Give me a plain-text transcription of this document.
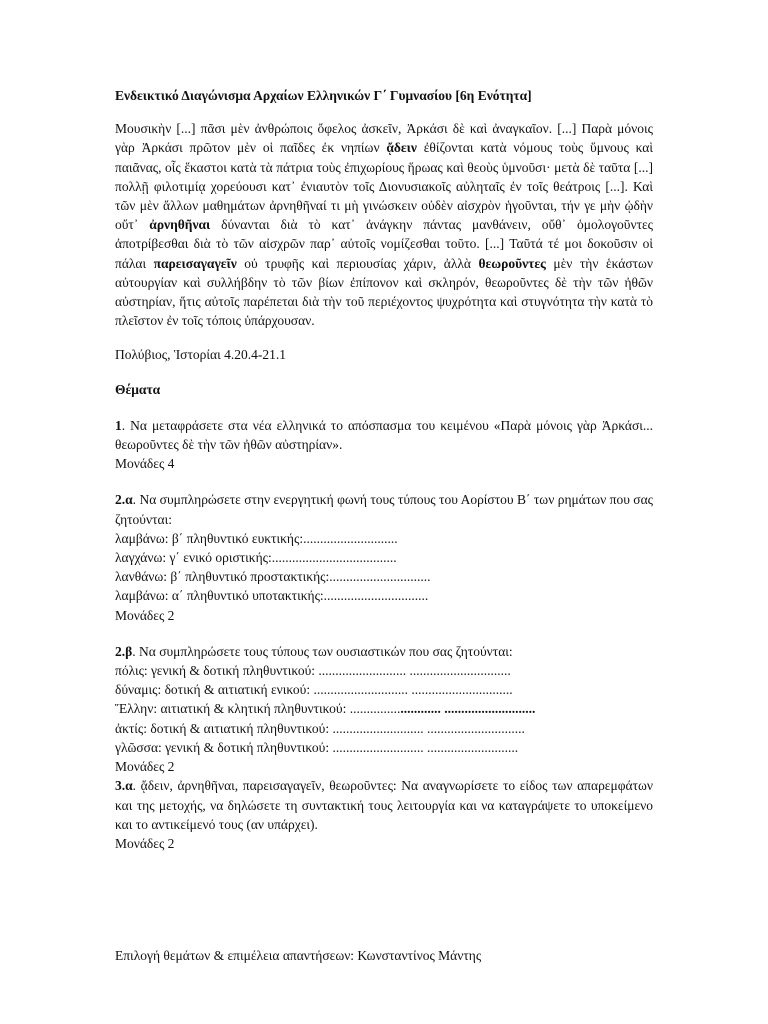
Ενδεικτικό Διαγώνισμα Αρχαίων Ελληνικών Γ΄ Γυμνασίου [6η Ενότητα]

Μουσικὴν [...] πᾶσι μὲν ἀνθρώποις ὄφελος ἀσκεῖν, Ἀρκάσι δὲ καὶ ἀναγκαῖον. [...] Παρὰ μόνοις γὰρ Ἀρκάσι πρῶτον μὲν οἱ παῖδες ἐκ νηπίων ᾄδειν ἐθίζονται κατὰ νόμους τοὺς ὕμνους καὶ παιᾶνας, οἷς ἕκαστοι κατὰ τὰ πάτρια τοὺς ἐπιχωρίους ἥρωας καὶ θεοὺς ὑμνοῦσι· μετὰ δὲ ταῦτα [...] πολλῇ φιλοτιμίᾳ χορεύουσι κατ᾽ ἐνιαυτὸν τοῖς Διονυσιακοῖς αὐληταῖς ἐν τοῖς θεάτροις [...]. Καὶ τῶν μὲν ἄλλων μαθημάτων ἀρνηθῆναί τι μὴ γινώσκειν οὐδὲν αἰσχρὸν ἡγοῦνται, τήν γε μὴν ᾠδὴν οὔτ᾽ ἀρνηθῆναι δύνανται διὰ τὸ κατ᾽ ἀνάγκην πάντας μανθάνειν, οὔθ᾽ ὁμολογοῦντες ἀποτρίβεσθαι διὰ τὸ τῶν αἰσχρῶν παρ᾽ αὐτοῖς νομίζεσθαι τοῦτο. [...] Ταῦτά τέ μοι δοκοῦσιν οἱ πάλαι παρεισαγαγεῖν οὐ τρυφῆς καὶ περιουσίας χάριν, ἀλλὰ θεωροῦντες μὲν τὴν ἑκάστων αὐτουργίαν καὶ συλλήβδην τὸ τῶν βίων ἐπίπονον καὶ σκληρόν, θεωροῦντες δὲ τὴν τῶν ἠθῶν αὐστηρίαν, ἥτις αὐτοῖς παρέπεται διὰ τὴν τοῦ περιέχοντος ψυχρότητα καὶ στυγνότητα τὴν κατὰ τὸ πλεῖστον ἐν τοῖς τόποις ὑπάρχουσαν.

Πολύβιος, Ἱστορίαι 4.20.4-21.1
Θέματα
1. Να μεταφράσετε στα νέα ελληνικά το απόσπασμα του κειμένου «Παρὰ μόνοις γὰρ Ἀρκάσι... θεωροῦντες δὲ τὴν τῶν ἠθῶν αὐστηρίαν».
Μονάδες 4
2.α. Να συμπληρώσετε στην ενεργητική φωνή τους τύπους του Αορίστου Β΄ των ρημάτων που σας ζητούνται:
λαμβάνω: β΄ πληθυντικό ευκτικής:............................
λαγχάνω: γ΄ ενικό οριστικής:.....................................
λανθάνω: β΄ πληθυντικό προστακτικής:..............................
λαμβάνω: α΄ πληθυντικό υποτακτικής:...............................
Μονάδες 2
2.β. Να συμπληρώσετε τους τύπους των ουσιαστικών που σας ζητούνται:
πόλις: γενική & δοτική πληθυντικού: .......................... ..............................
δύναμις: δοτική & αιτιατική ενικού: ............................ ..............................
Ἕλλην: αιτιατική & κλητική πληθυντικού: ........................... ...........................
ἀκτίς: δοτική & αιτιατική πληθυντικού: ........................... .............................
γλῶσσα: γενική & δοτική πληθυντικού: ........................... ...........................
Μονάδες 2
3.α. ᾄδειν, ἀρνηθῆναι, παρεισαγαγεῖν, θεωροῦντες: Να αναγνωρίσετε το είδος των απαρεμφάτων και της μετοχής, να δηλώσετε τη συντακτική τους λειτουργία και να καταγράψετε το υποκείμενο και το αντικείμενό τους (αν υπάρχει).
Μονάδες 2
Επιλογή θεμάτων & επιμέλεια απαντήσεων: Κωνσταντίνος Μάντης
